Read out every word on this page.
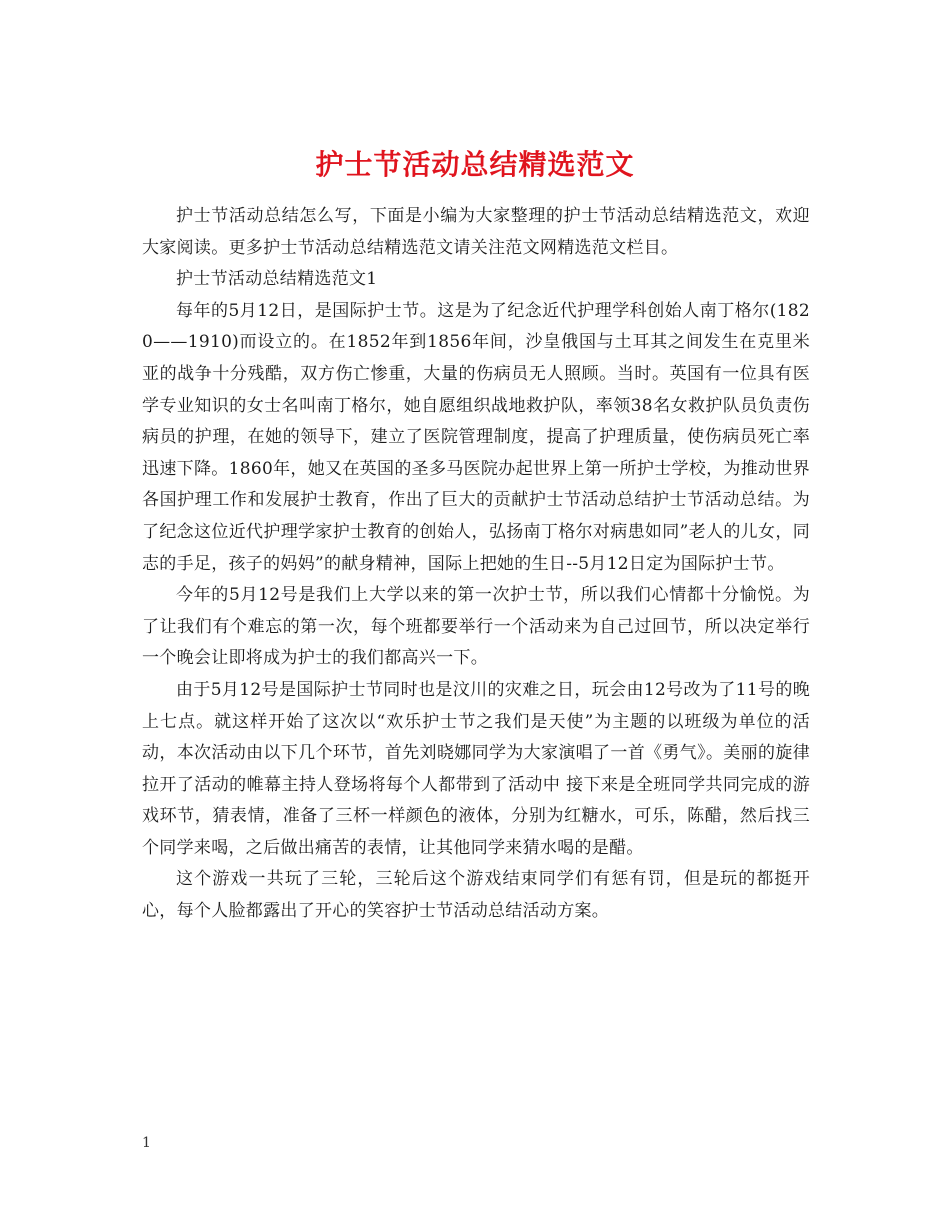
护士节活动总结精选范文

护士节活动总结怎么写，下面是小编为大家整理的护士节活动总结精选范文，欢迎大家阅读。更多护士节活动总结精选范文请关注范文网精选范文栏目。

护士节活动总结精选范文1

每年的5月12日，是国际护士节。这是为了纪念近代护理学科创始人南丁格尔(1820——1910)而设立的。在1852年到1856年间，沙皇俄国与土耳其之间发生在克里米亚的战争十分残酷，双方伤亡惨重，大量的伤病员无人照顾。当时。英国有一位具有医学专业知识的女士名叫南丁格尔，她自愿组织战地救护队，率领38名女救护队员负责伤病员的护理，在她的领导下，建立了医院管理制度，提高了护理质量，使伤病员死亡率迅速下降。1860年，她又在英国的圣多马医院办起世界上第一所护士学校，为推动世界各国护理工作和发展护士教育，作出了巨大的贡献护士节活动总结护士节活动总结。为了纪念这位近代护理学家护士教育的创始人，弘扬南丁格尔对病患如同”老人的儿女，同志的手足，孩子的妈妈”的献身精神，国际上把她的生日--5月12日定为国际护士节。

今年的5月12号是我们上大学以来的第一次护士节，所以我们心情都十分愉悦。为了让我们有个难忘的第一次，每个班都要举行一个活动来为自己过回节，所以决定举行一个晚会让即将成为护士的我们都高兴一下。

由于5月12号是国际护士节同时也是汶川的灾难之日，玩会由12号改为了11号的晚上七点。就这样开始了这次以“欢乐护士节之我们是天使”为主题的以班级为单位的活动，本次活动由以下几个环节，首先刘晓娜同学为大家演唱了一首《勇气》。美丽的旋律拉开了活动的帷幕主持人登场将每个人都带到了活动中 接下来是全班同学共同完成的游戏环节，猜表情，准备了三杯一样颜色的液体，分别为红糖水，可乐，陈醋，然后找三个同学来喝，之后做出痛苦的表情，让其他同学来猜水喝的是醋。

这个游戏一共玩了三轮，三轮后这个游戏结束同学们有惩有罚，但是玩的都挺开心，每个人脸都露出了开心的笑容护士节活动总结活动方案。

1
